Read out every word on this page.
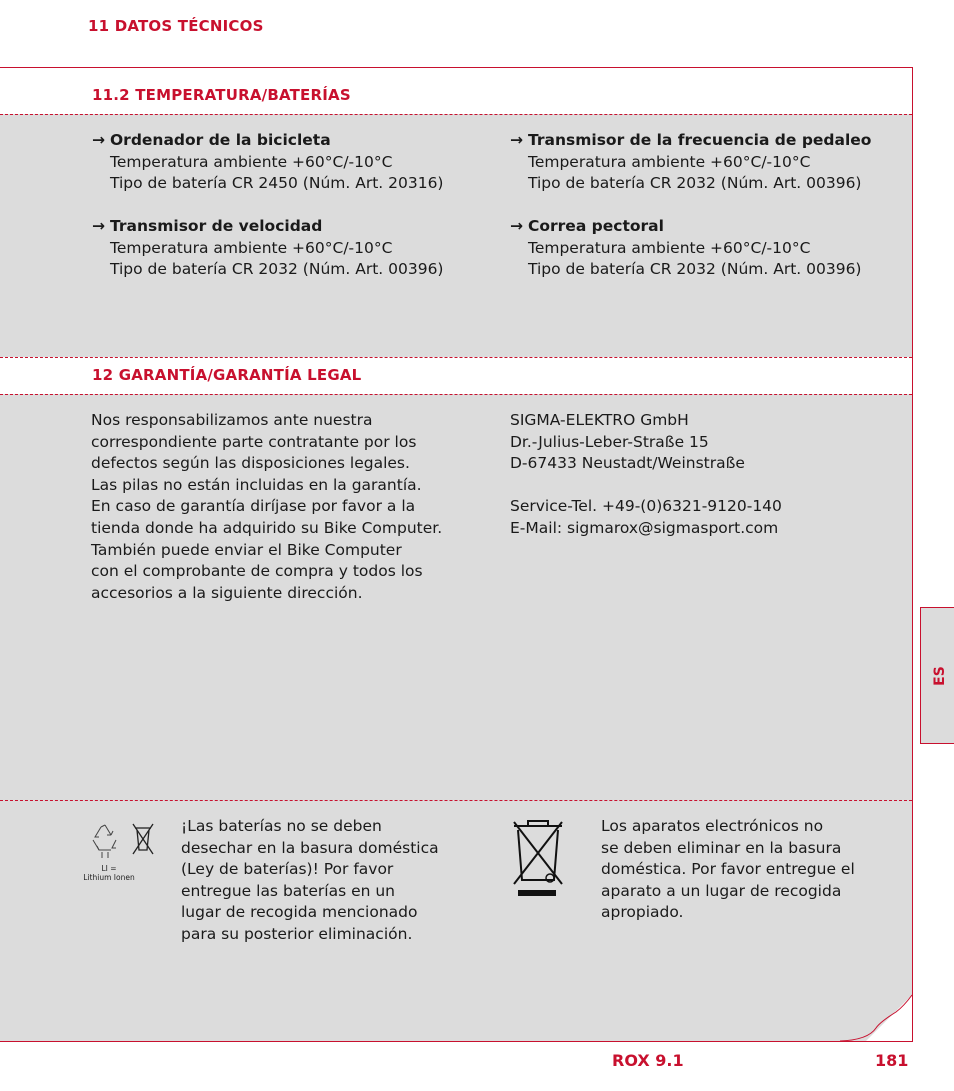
11 DATOS TÉCNICOS
11.2 TEMPERATURA/BATERÍAS
→ Ordenador de la bicicleta
Temperatura ambiente +60°C/-10°C
Tipo de batería CR 2450 (Núm. Art. 20316)
→ Transmisor de velocidad
Temperatura ambiente +60°C/-10°C
Tipo de batería CR 2032 (Núm. Art. 00396)
→ Transmisor de la frecuencia de pedaleo
Temperatura ambiente +60°C/-10°C
Tipo de batería CR 2032 (Núm. Art. 00396)
→ Correa pectoral
Temperatura ambiente +60°C/-10°C
Tipo de batería CR 2032 (Núm. Art. 00396)
12 GARANTÍA/GARANTÍA LEGAL
Nos responsabilizamos ante nuestra
correspondiente parte contratante por los
defectos según las disposiciones legales.
Las pilas no están incluidas en la garantía.
En caso de garantía diríjase por favor a la
tienda donde ha adquirido su Bike Computer.
También puede enviar el Bike Computer
con el comprobante de compra y todos los
accesorios a la siguiente dirección.
SIGMA-ELEKTRO GmbH
Dr.-Julius-Leber-Straße 15
D-67433 Neustadt/Weinstraße
Service-Tel. +49-(0)6321-9120-140
E-Mail: sigmarox@sigmasport.com
LI =
Lithium Ionen
¡Las baterías no se deben
desechar en la basura doméstica
(Ley de baterías)! Por favor
entregue las baterías en un
lugar de recogida mencionado
para su posterior eliminación.
Los aparatos electrónicos no
se deben eliminar en la basura
doméstica. Por favor entregue el
aparato a un lugar de recogida
apropiado.
ES
ROX 9.1	181
